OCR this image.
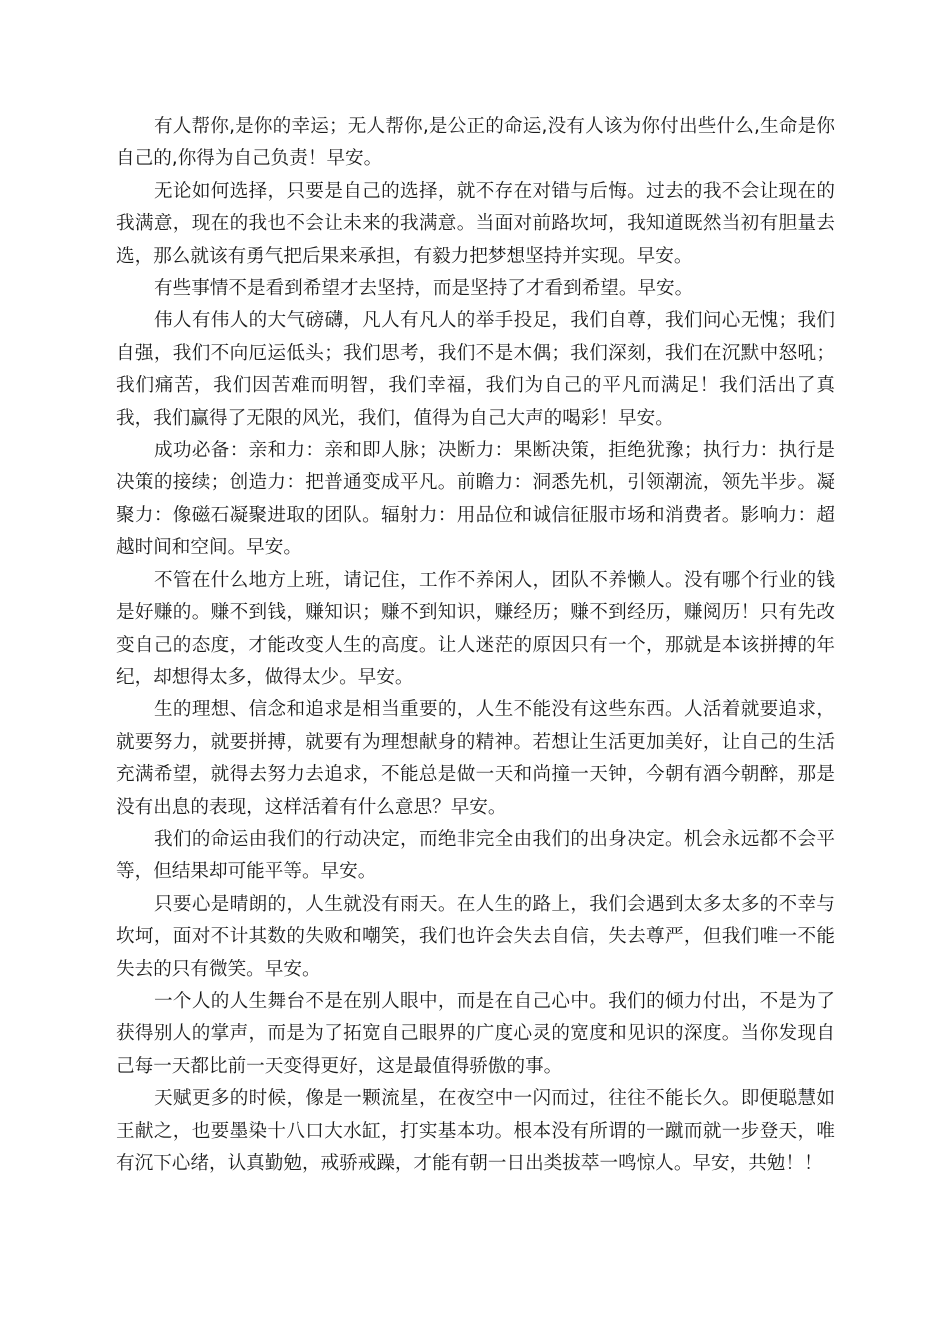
有人帮你,是你的幸运；无人帮你,是公正的命运,没有人该为你付出些什么,生命是你自己的,你得为自己负责！早安。

无论如何选择，只要是自己的选择，就不存在对错与后悔。过去的我不会让现在的我满意，现在的我也不会让未来的我满意。当面对前路坎坷，我知道既然当初有胆量去选，那么就该有勇气把后果来承担，有毅力把梦想坚持并实现。早安。

有些事情不是看到希望才去坚持，而是坚持了才看到希望。早安。

伟人有伟人的大气磅礴，凡人有凡人的举手投足，我们自尊，我们问心无愧；我们自强，我们不向厄运低头；我们思考，我们不是木偶；我们深刻，我们在沉默中怒吼；我们痛苦，我们因苦难而明智，我们幸福，我们为自己的平凡而满足！我们活出了真我，我们赢得了无限的风光，我们，值得为自己大声的喝彩！早安。

成功必备：亲和力：亲和即人脉；决断力：果断决策，拒绝犹豫；执行力：执行是决策的接续；创造力：把普通变成平凡。前瞻力：洞悉先机，引领潮流，领先半步。凝聚力：像磁石凝聚进取的团队。辐射力：用品位和诚信征服市场和消费者。影响力：超越时间和空间。早安。

不管在什么地方上班，请记住，工作不养闲人，团队不养懒人。没有哪个行业的钱是好赚的。赚不到钱，赚知识；赚不到知识，赚经历；赚不到经历，赚阅历！只有先改变自己的态度，才能改变人生的高度。让人迷茫的原因只有一个，那就是本该拼搏的年纪，却想得太多，做得太少。早安。

生的理想、信念和追求是相当重要的，人生不能没有这些东西。人活着就要追求，就要努力，就要拼搏，就要有为理想献身的精神。若想让生活更加美好，让自己的生活充满希望，就得去努力去追求，不能总是做一天和尚撞一天钟，今朝有酒今朝醉，那是没有出息的表现，这样活着有什么意思？早安。

我们的命运由我们的行动决定，而绝非完全由我们的出身决定。机会永远都不会平等，但结果却可能平等。早安。

只要心是晴朗的，人生就没有雨天。在人生的路上，我们会遇到太多太多的不幸与坎坷，面对不计其数的失败和嘲笑，我们也许会失去自信，失去尊严，但我们唯一不能失去的只有微笑。早安。

一个人的人生舞台不是在别人眼中，而是在自己心中。我们的倾力付出，不是为了获得别人的掌声，而是为了拓宽自己眼界的广度心灵的宽度和见识的深度。当你发现自己每一天都比前一天变得更好，这是最值得骄傲的事。

天赋更多的时候，像是一颗流星，在夜空中一闪而过，往往不能长久。即便聪慧如王献之，也要墨染十八口大水缸，打实基本功。根本没有所谓的一蹴而就一步登天，唯有沉下心绪，认真勤勉，戒骄戒躁，才能有朝一日出类拔萃一鸣惊人。早安，共勉！！
